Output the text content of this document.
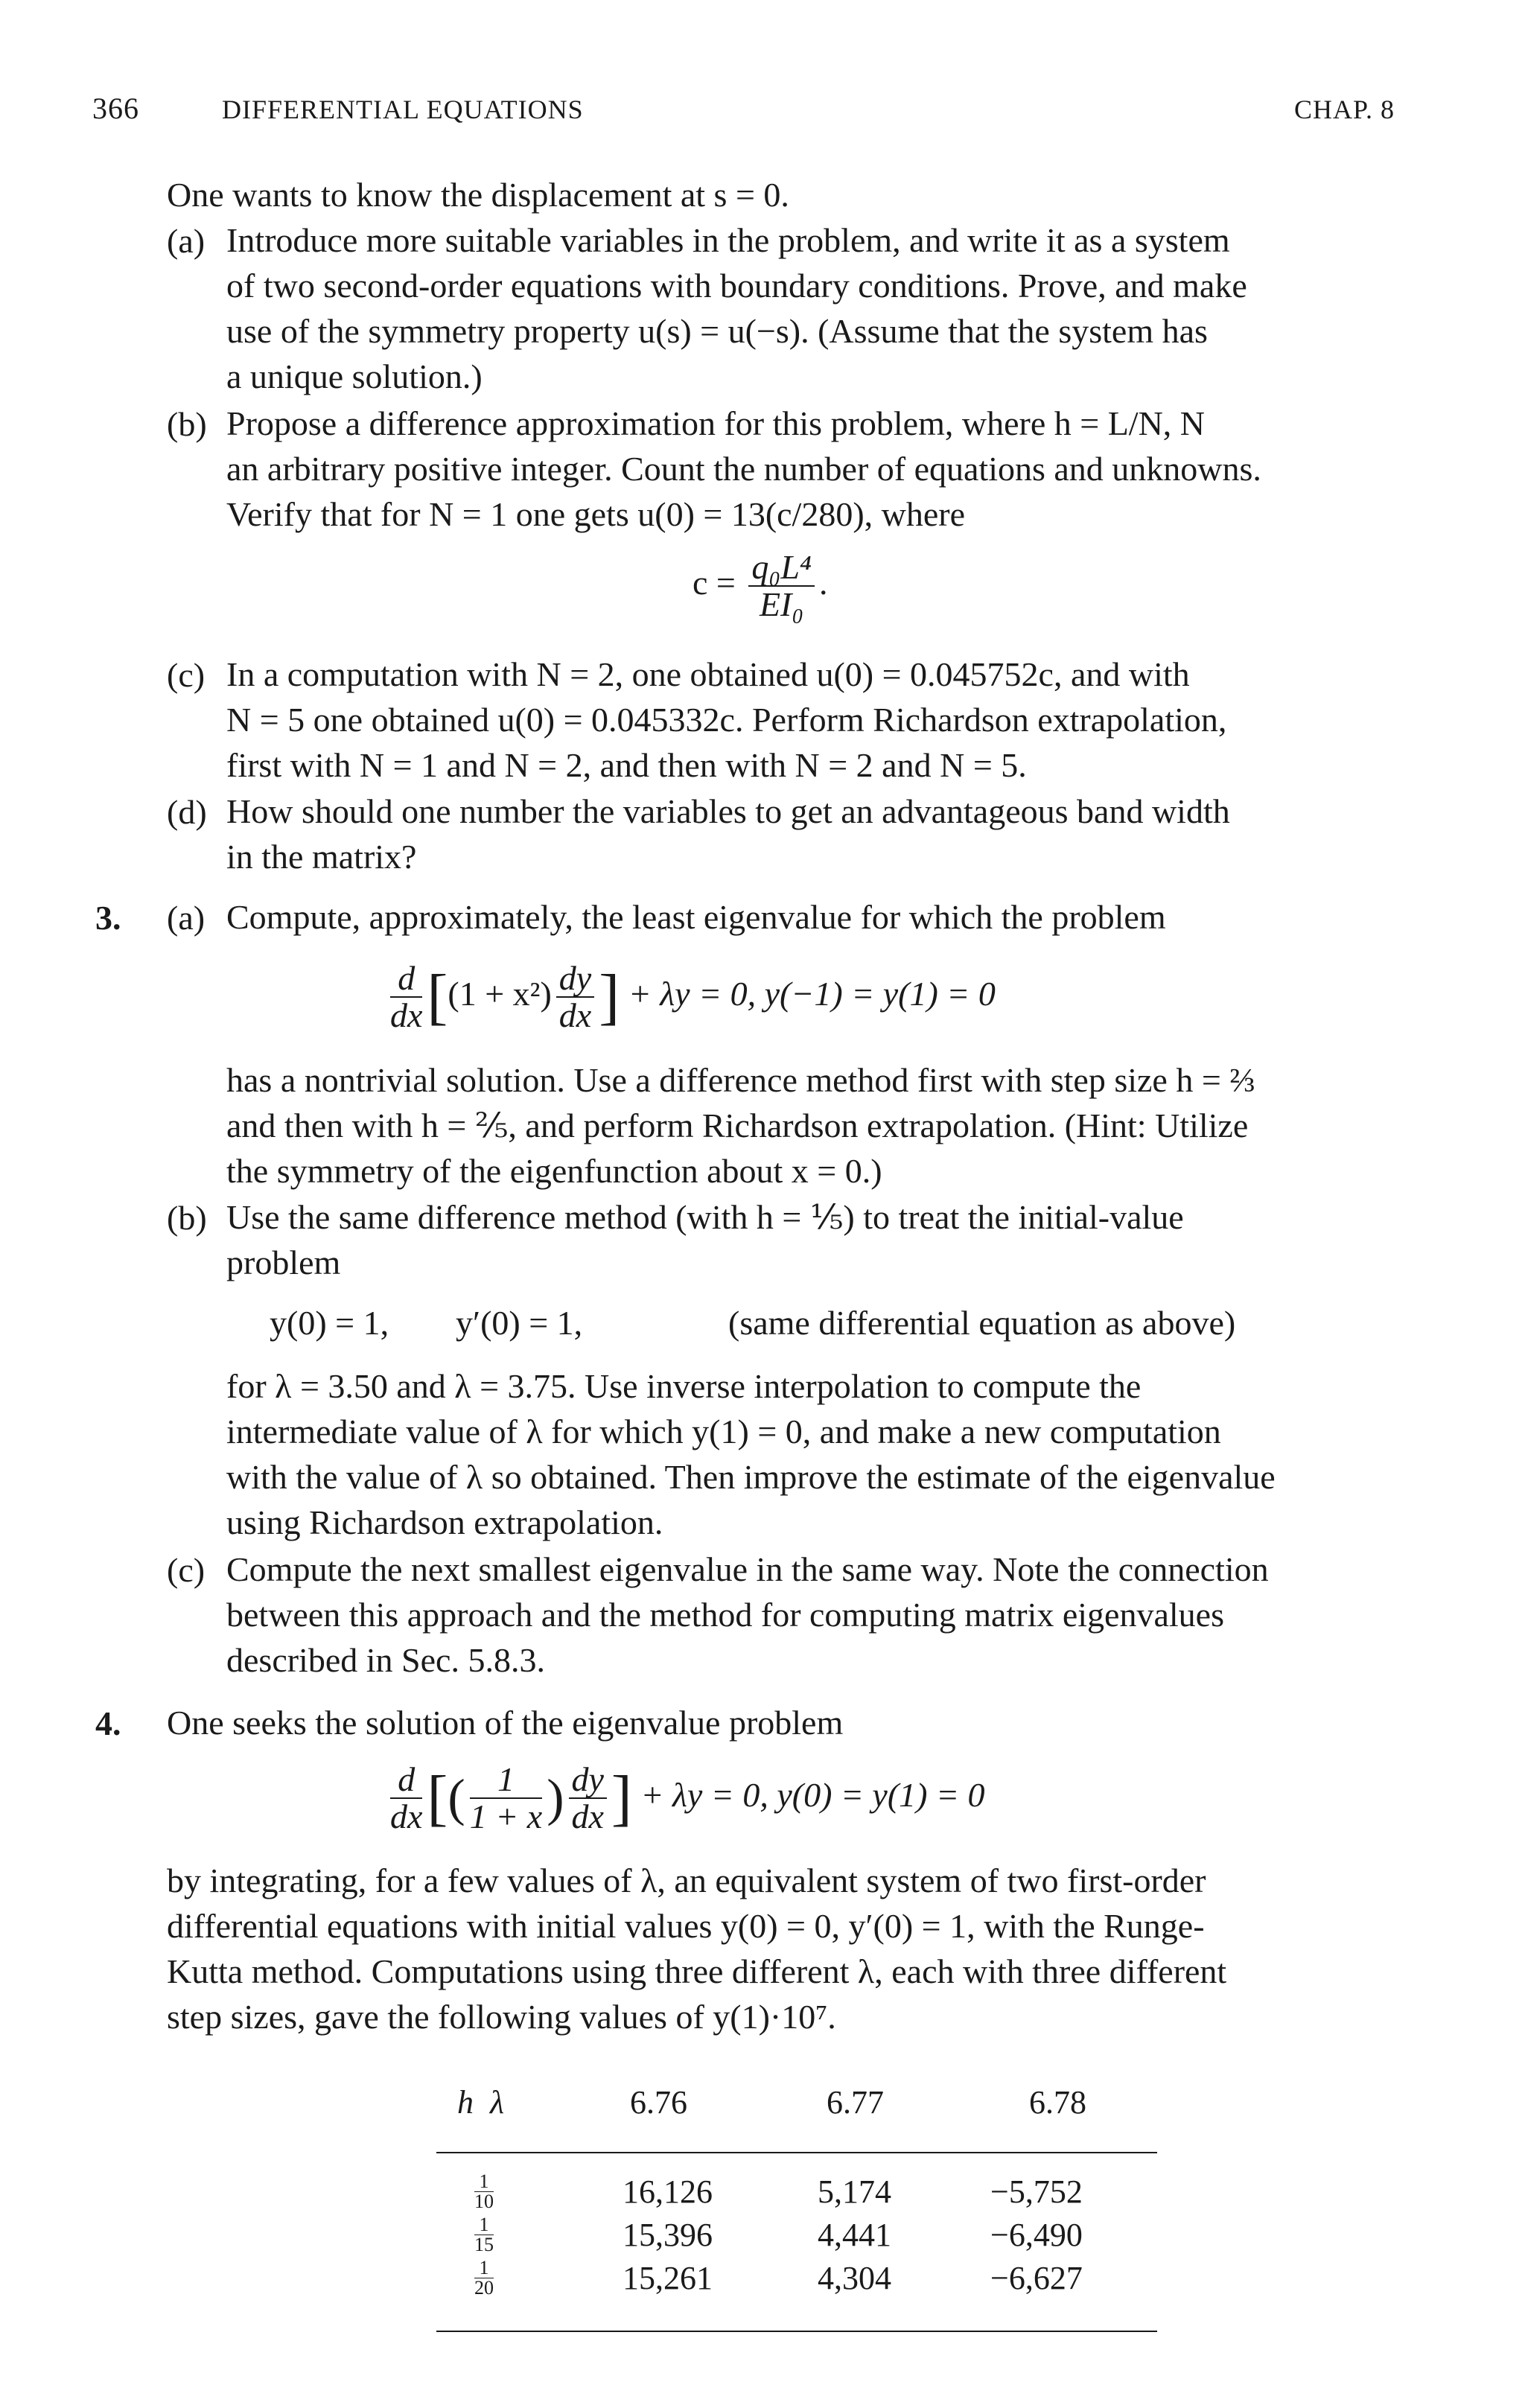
366	DIFFERENTIAL EQUATIONS	CHAP. 8
One wants to know the displacement at s = 0.
(a) Introduce more suitable variables in the problem, and write it as a system
of two second-order equations with boundary conditions. Prove, and make
use of the symmetry property u(s) = u(−s). (Assume that the system has
a unique solution.)
(b) Propose a difference approximation for this problem, where h = L/N, N
an arbitrary positive integer. Count the number of equations and unknowns.
Verify that for N = 1 one gets u(0) = 13(c/280), where
$c = \frac{\text{q₀L⁴}}{\text{EI₀}}$ .
(c) In a computation with N = 2, one obtained u(0) = 0.045752c, and with
N = 5 one obtained u(0) = 0.045332c. Perform Richardson extrapolation,
first with N = 1 and N = 2, and then with N = 2 and N = 5.
(d) How should one number the variables to get an advantageous band width
in the matrix?
3. (a) Compute, approximately, the least eigenvalue for which the problem
$\frac{d}{dx} [(1 + x^2) \frac{dy}{dx}$ ] + λy = 0, y(−1) = y(1) = 0
has a nontrivial solution. Use a difference method first with step size h = ⅔
and then with h = ⅖, and perform Richardson extrapolation. (Hint: Utilize
the symmetry of the eigenfunction about x = 0.)
(b) Use the same difference method (with h = ⅕) to treat the initial-value
problem
y(0) = 1, y′(0) = 1,	(same differential equation as above)
for λ = 3.50 and λ = 3.75. Use inverse interpolation to compute the
intermediate value of λ for which y(1) = 0, and make a new computation
with the value of λ so obtained. Then improve the estimate of the eigenvalue
using Richardson extrapolation.
(c) Compute the next smallest eigenvalue in the same way. Note the connection
between this approach and the method for computing matrix eigenvalues
described in Sec. 5.8.3.
4. One seeks the solution of the eigenvalue problem
$\frac{d}{dx}$ [( $\frac{1}{1 + x}$ ) $\frac{dy}{dx}$ ] + λy = 0, y(0) = y(1) = 0
by integrating, for a few values of λ, an equivalent system of two first-order
differential equations with initial values y(0) = 0, y′(0) = 1, with the Runge-
Kutta method. Computations using three different λ, each with three different
step sizes, gave the following values of y(1)·10⁷.
h  λ	6.76	6.77	6.78
$\frac{1}{10}$	16,126	5,174	−5,752
$\frac{1}{15}$	15,396	4,441	−6,490
$\frac{1}{20}$	15,261	4,304	−6,627
